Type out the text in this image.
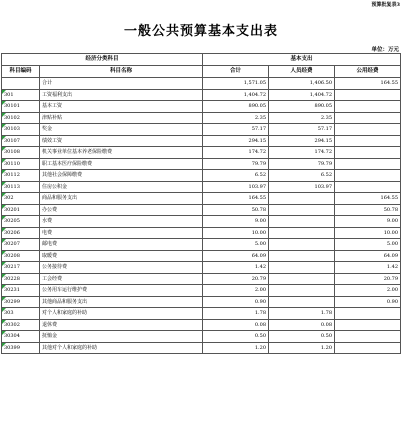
预算批复表3
一般公共预算基本支出表
单位：万元
经济分类科目		基本支出		
科目编码	科目名称	合计	人员经费	公用经费
	合计	1,571.05	1,406.50	164.55

301	工资福利支出	1,404.72	1,404.72	

30101	基本工资	890.05	890.05	

30102	津贴补贴	2.35	2.35	

30103	奖金	57.17	57.17	

30107	绩效工资	294.15	294.15	

30108	机关事业单位基本养老保险缴费	174.72	174.72	

30110	职工基本医疗保险缴费	79.79	79.79	

30112	其他社会保障缴费	6.52	6.52	

30113	住房公积金	103.97	103.97	

302	商品和服务支出	164.55		164.55

30201	办公费	50.78		50.78

30205	水费	9.00		9.00

30206	电费	10.00		10.00

30207	邮电费	5.00		5.00

30208	取暖费	64.09		64.09

30217	公务接待费	1.42		1.42

30228	工会经费	20.79		20.79

30231	公务用车运行维护费	2.00		2.00

30299	其他商品和服务支出	0.90		0.90

303	对个人和家庭的补助	1.78	1.78	

30302	退休费	0.08	0.08	

30304	抚恤金	0.50	0.50	

30399	其他对个人和家庭的补助	1.20	1.20	
